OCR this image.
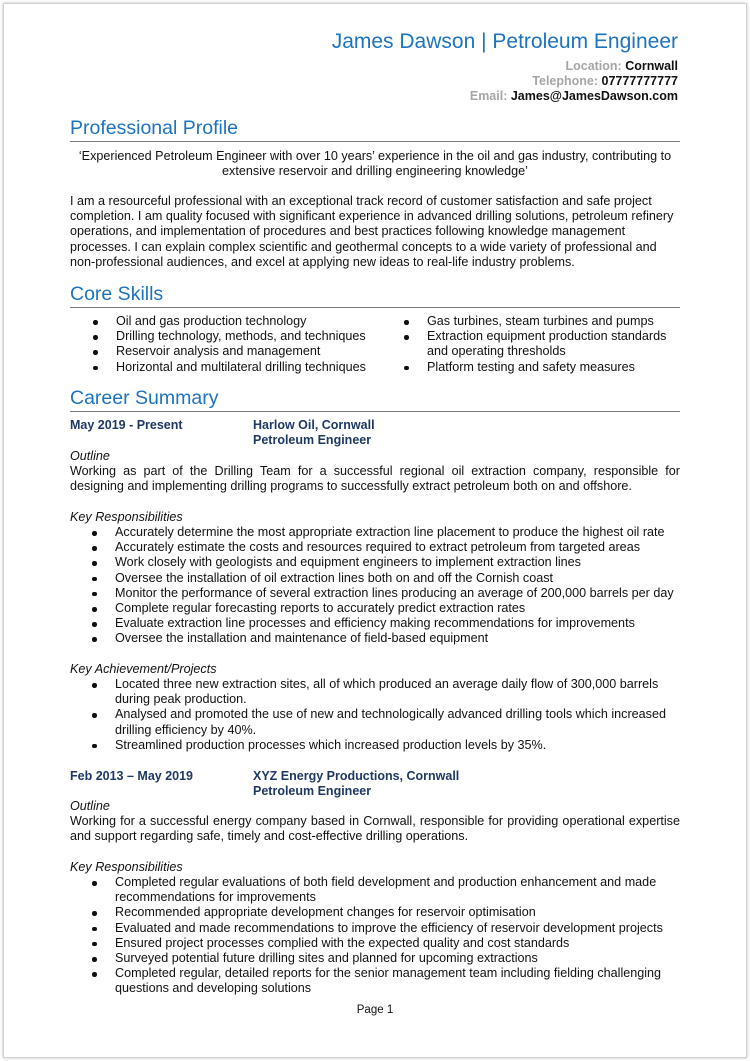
James Dawson | Petroleum Engineer
Location: Cornwall
Telephone: 07777777777
Email: James@JamesDawson.com
Professional Profile
‘Experienced Petroleum Engineer with over 10 years’ experience in the oil and gas industry, contributing to extensive reservoir and drilling engineering knowledge’
I am a resourceful professional with an exceptional track record of customer satisfaction and safe project completion. I am quality focused with significant experience in advanced drilling solutions, petroleum refinery operations, and implementation of procedures and best practices following knowledge management processes. I can explain complex scientific and geothermal concepts to a wide variety of professional and non-professional audiences, and excel at applying new ideas to real-life industry problems.
Core Skills
Oil and gas production technology
Drilling technology, methods, and techniques
Reservoir analysis and management
Horizontal and multilateral drilling techniques
Gas turbines, steam turbines and pumps
Extraction equipment production standards and operating thresholds
Platform testing and safety measures
Career Summary
May 2019 - Present	Harlow Oil, Cornwall
Petroleum Engineer
Outline
Working as part of the Drilling Team for a successful regional oil extraction company, responsible for designing and implementing drilling programs to successfully extract petroleum both on and offshore.
Key Responsibilities
Accurately determine the most appropriate extraction line placement to produce the highest oil rate
Accurately estimate the costs and resources required to extract petroleum from targeted areas
Work closely with geologists and equipment engineers to implement extraction lines
Oversee the installation of oil extraction lines both on and off the Cornish coast
Monitor the performance of several extraction lines producing an average of 200,000 barrels per day
Complete regular forecasting reports to accurately predict extraction rates
Evaluate extraction line processes and efficiency making recommendations for improvements
Oversee the installation and maintenance of field-based equipment
Key Achievement/Projects
Located three new extraction sites, all of which produced an average daily flow of 300,000 barrels during peak production.
Analysed and promoted the use of new and technologically advanced drilling tools which increased drilling efficiency by 40%.
Streamlined production processes which increased production levels by 35%.
Feb 2013 – May 2019	XYZ Energy Productions, Cornwall
Petroleum Engineer
Outline
Working for a successful energy company based in Cornwall, responsible for providing operational expertise and support regarding safe, timely and cost-effective drilling operations.
Key Responsibilities
Completed regular evaluations of both field development and production enhancement and made recommendations for improvements
Recommended appropriate development changes for reservoir optimisation
Evaluated and made recommendations to improve the efficiency of reservoir development projects
Ensured project processes complied with the expected quality and cost standards
Surveyed potential future drilling sites and planned for upcoming extractions
Completed regular, detailed reports for the senior management team including fielding challenging questions and developing solutions
Page 1
